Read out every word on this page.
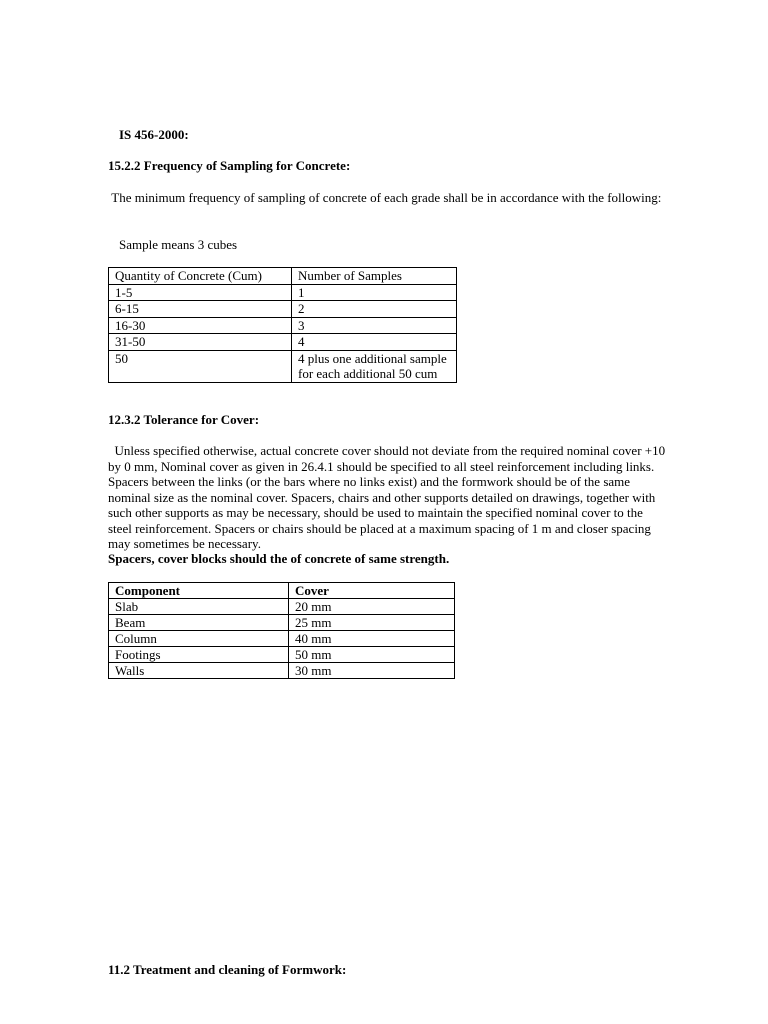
IS 456-2000:
15.2.2 Frequency of Sampling for Concrete:
The minimum frequency of sampling of concrete of each grade shall be in accordance with the following:
Sample means 3 cubes
Quantity of Concrete (Cum)	Number of Samples
1-5	1
6-15	2
16-30	3
31-50	4
50	4 plus one additional sample for each additional 50 cum
12.3.2 Tolerance for Cover:
Unless specified otherwise, actual concrete cover should not deviate from the required nominal cover +10 by 0 mm, Nominal cover as given in 26.4.1 should be specified to all steel reinforcement including links. Spacers between the links (or the bars where no links exist) and the formwork should be of the same nominal size as the nominal cover. Spacers, chairs and other supports detailed on drawings, together with such other supports as may be necessary, should be used to maintain the specified nominal cover to the steel reinforcement. Spacers or chairs should be placed at a maximum spacing of 1 m and closer spacing may sometimes be necessary.
Spacers, cover blocks should the of concrete of same strength.
Component	Cover
Slab	20 mm
Beam	25 mm
Column	40 mm
Footings	50 mm
Walls	30 mm
11.2 Treatment and cleaning of Formwork:
